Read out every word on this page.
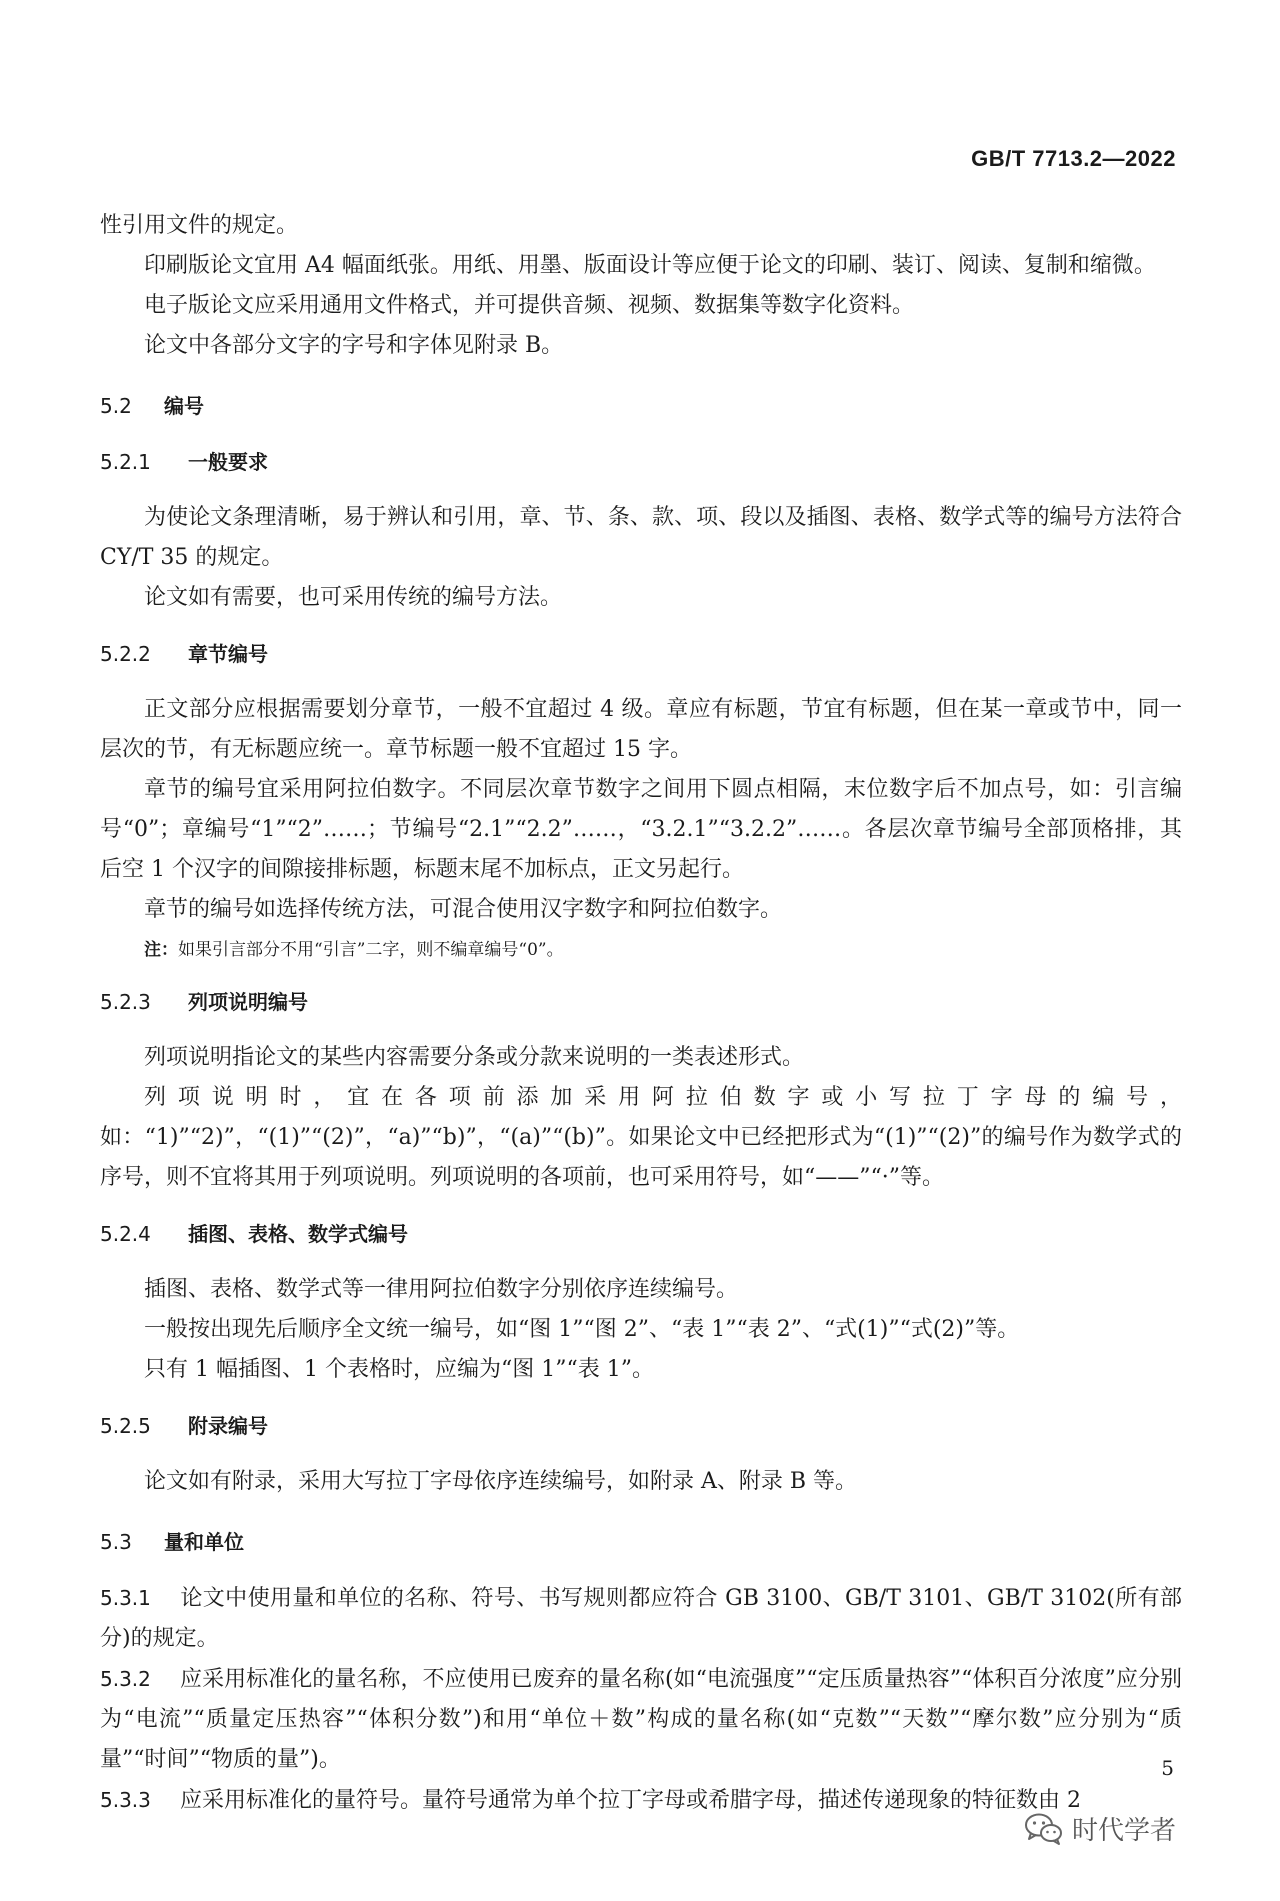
GB/T 7713.2—2022

性引用文件的规定。

印刷版论文宜用 A4 幅面纸张。用纸、用墨、版面设计等应便于论文的印刷、装订、阅读、复制和缩微。

电子版论文应采用通用文件格式，并可提供音频、视频、数据集等数字化资料。

论文中各部分文字的字号和字体见附录 B。

5.2 编号
5.2.1 一般要求

为使论文条理清晰，易于辨认和引用，章、节、条、款、项、段以及插图、表格、数学式等的编号方法符合 CY/T 35 的规定。

论文如有需要，也可采用传统的编号方法。

5.2.2 章节编号

正文部分应根据需要划分章节，一般不宜超过 4 级。章应有标题，节宜有标题，但在某一章或节中，同一层次的节，有无标题应统一。章节标题一般不宜超过 15 字。

章节的编号宜采用阿拉伯数字。不同层次章节数字之间用下圆点相隔，末位数字后不加点号，如：引言编号“0”；章编号“1”“2”……；节编号“2.1”“2.2”……，“3.2.1”“3.2.2”……。各层次章节编号全部顶格排，其后空 1 个汉字的间隙接排标题，标题末尾不加标点，正文另起行。

章节的编号如选择传统方法，可混合使用汉字数字和阿拉伯数字。

注：如果引言部分不用“引言”二字，则不编章编号“0”。

5.2.3 列项说明编号

列项说明指论文的某些内容需要分条或分款来说明的一类表述形式。

列项说明时，宜在各项前添加采用阿拉伯数字或小写拉丁字母的编号，如：“1)”“2)”，“(1)”“(2)”，“a)”“b)”，“(a)”“(b)”。如果论文中已经把形式为“(1)”“(2)”的编号作为数学式的序号，则不宜将其用于列项说明。列项说明的各项前，也可采用符号，如“——”“·”等。

5.2.4 插图、表格、数学式编号

插图、表格、数学式等一律用阿拉伯数字分别依序连续编号。

一般按出现先后顺序全文统一编号，如“图 1”“图 2”、“表 1”“表 2”、“式(1)”“式(2)”等。

只有 1 幅插图、1 个表格时，应编为“图 1”“表 1”。

5.2.5 附录编号

论文如有附录，采用大写拉丁字母依序连续编号，如附录 A、附录 B 等。

5.3 量和单位

5.3.1 论文中使用量和单位的名称、符号、书写规则都应符合 GB 3100、GB/T 3101、GB/T 3102(所有部分)的规定。

5.3.2 应采用标准化的量名称，不应使用已废弃的量名称(如“电流强度”“定压质量热容”“体积百分浓度”应分别为“电流”“质量定压热容”“体积分数”)和用“单位＋数”构成的量名称(如“克数”“天数”“摩尔数”应分别为“质量”“时间”“物质的量”)。

5.3.3 应采用标准化的量符号。量符号通常为单个拉丁字母或希腊字母，描述传递现象的特征数由 2

5
时代学者
